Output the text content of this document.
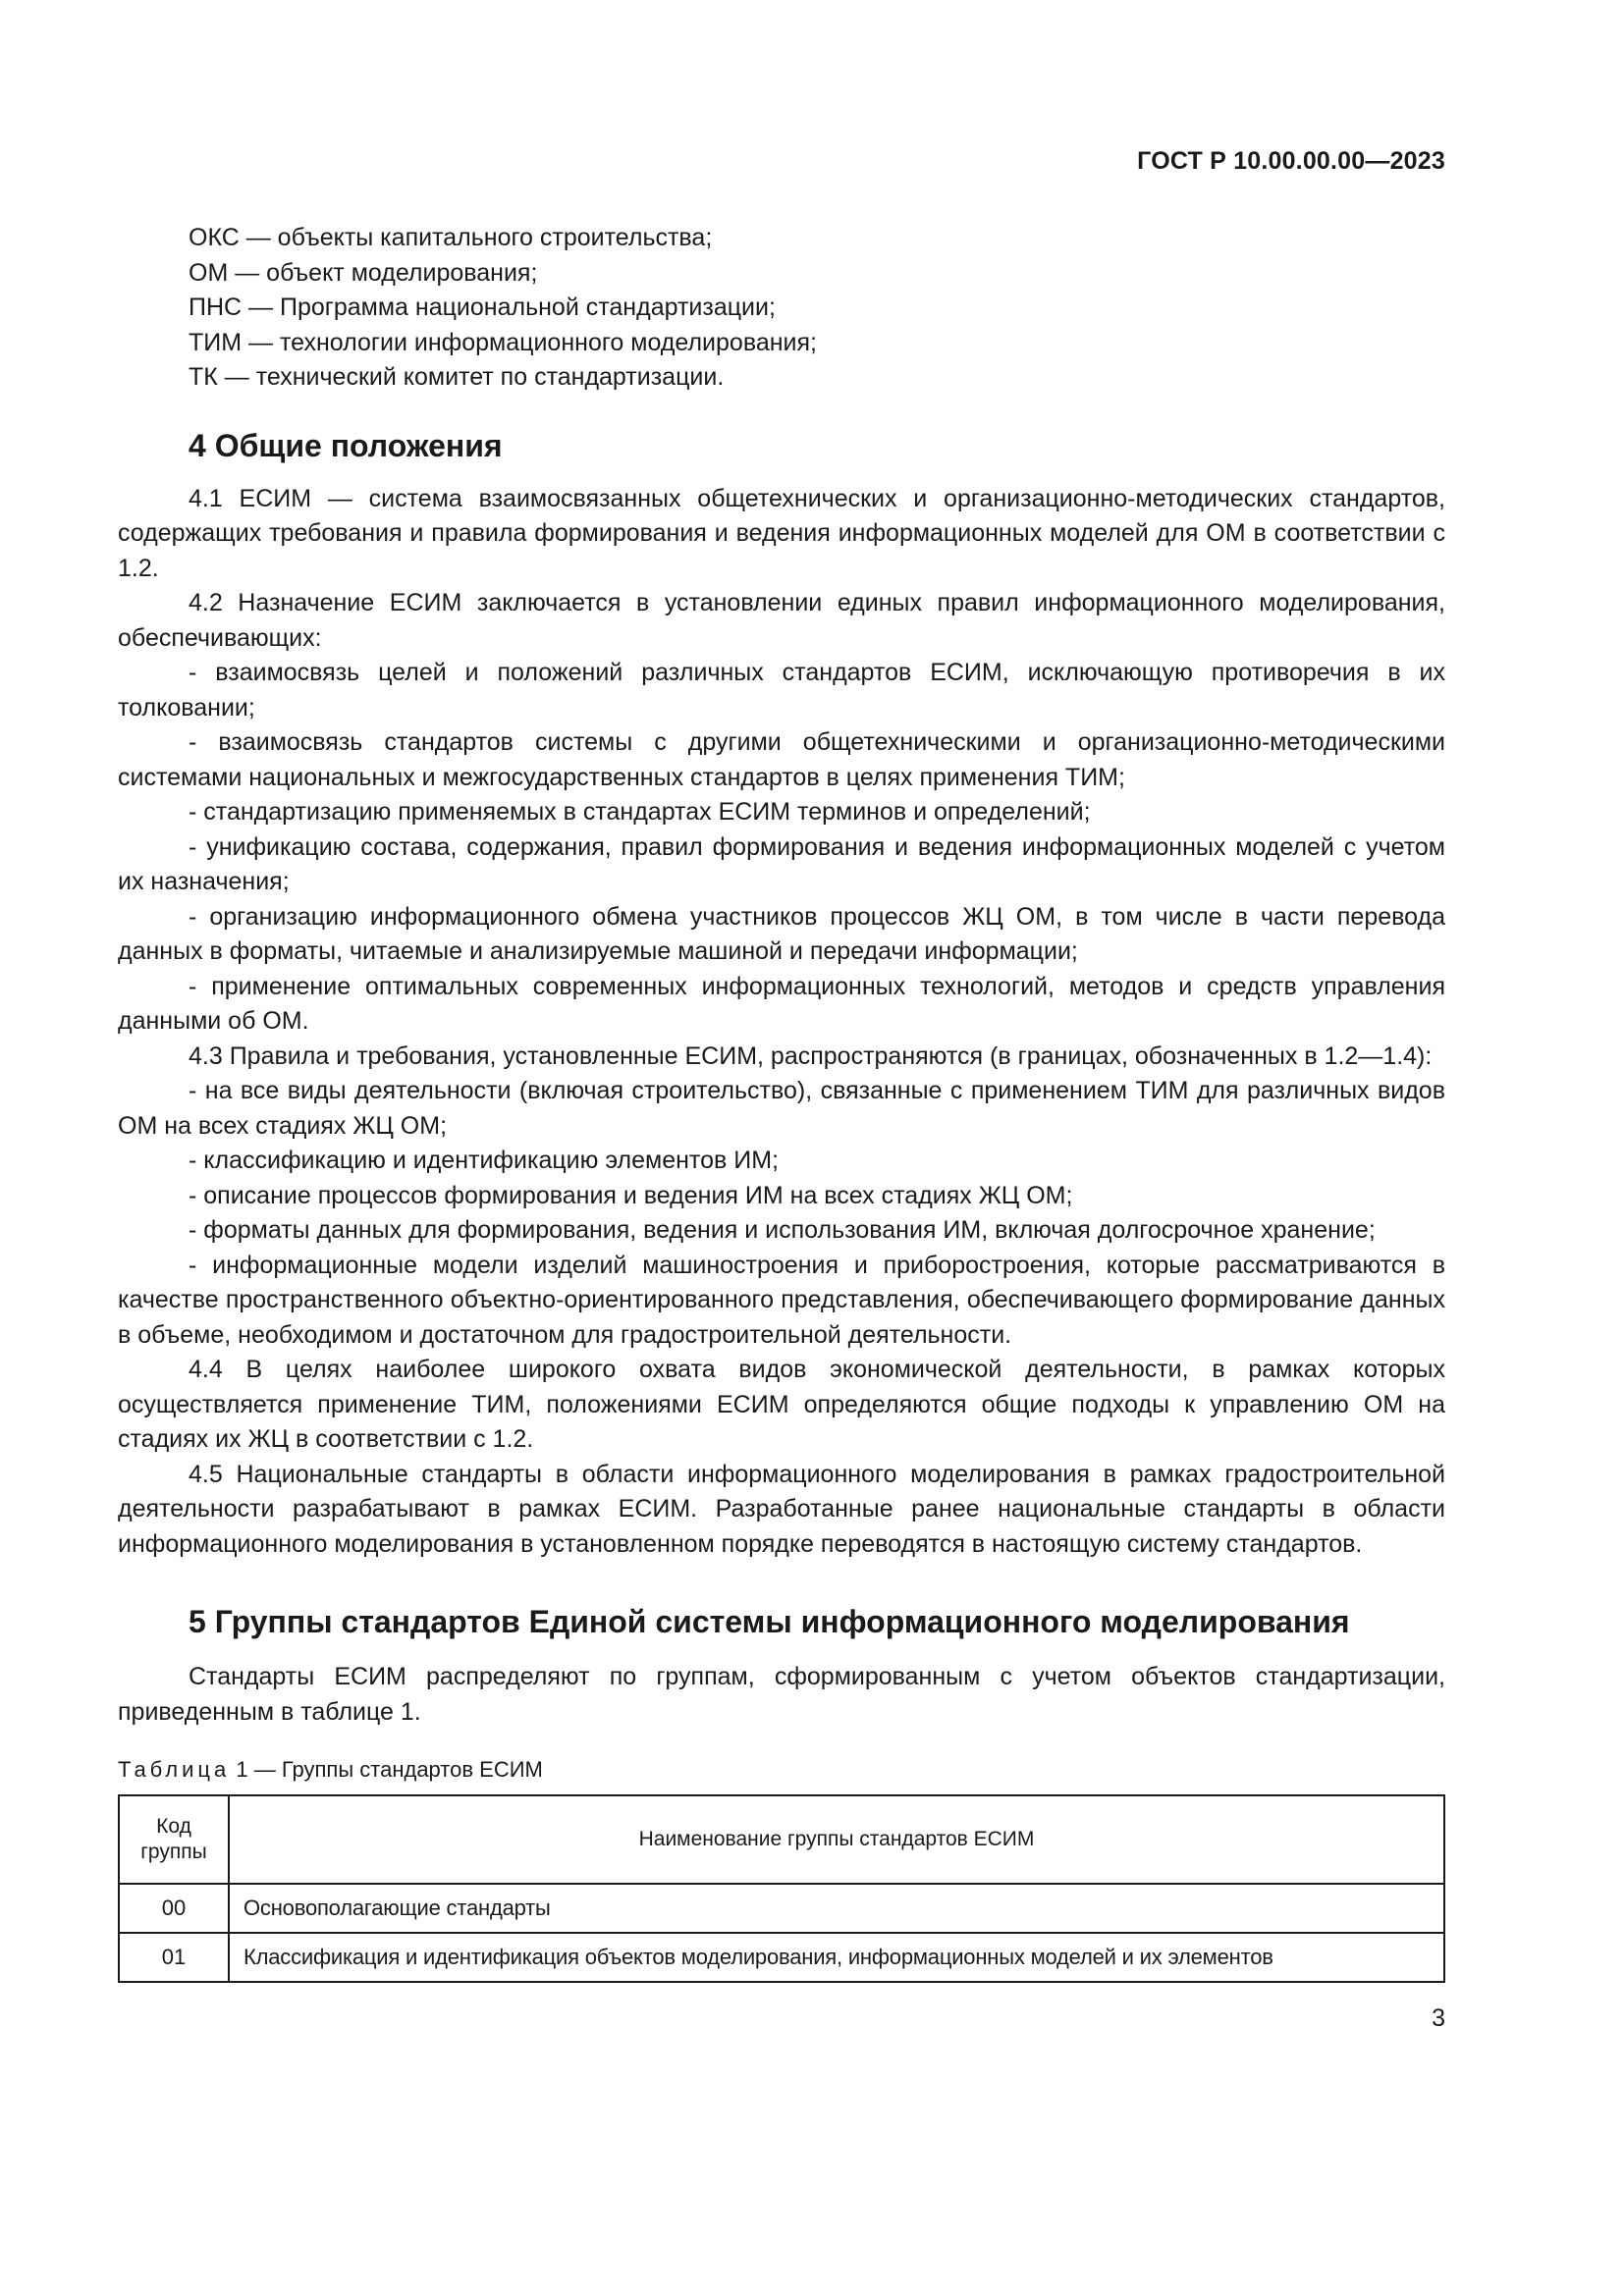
ГОСТ Р 10.00.00.00—2023
ОКС — объекты капитального строительства;
ОМ — объект моделирования;
ПНС — Программа национальной стандартизации;
ТИМ — технологии информационного моделирования;
ТК — технический комитет по стандартизации.
4 Общие положения

4.1 ЕСИМ — система взаимосвязанных общетехнических и организационно-методических стандартов, содержащих требования и правила формирования и ведения информационных моделей для ОМ в соответствии с 1.2.

4.2 Назначение ЕСИМ заключается в установлении единых правил информационного моделирования, обеспечивающих:

- взаимосвязь целей и положений различных стандартов ЕСИМ, исключающую противоречия в их толковании;

- взаимосвязь стандартов системы с другими общетехническими и организационно-методическими системами национальных и межгосударственных стандартов в целях применения ТИМ;

- стандартизацию применяемых в стандартах ЕСИМ терминов и определений;

- унификацию состава, содержания, правил формирования и ведения информационных моделей с учетом их назначения;

- организацию информационного обмена участников процессов ЖЦ ОМ, в том числе в части перевода данных в форматы, читаемые и анализируемые машиной и передачи информации;

- применение оптимальных современных информационных технологий, методов и средств управления данными об ОМ.

4.3 Правила и требования, установленные ЕСИМ, распространяются (в границах, обозначенных в 1.2—1.4):

- на все виды деятельности (включая строительство), связанные с применением ТИМ для различных видов ОМ на всех стадиях ЖЦ ОМ;

- классификацию и идентификацию элементов ИМ;

- описание процессов формирования и ведения ИМ на всех стадиях ЖЦ ОМ;

- форматы данных для формирования, ведения и использования ИМ, включая долгосрочное хранение;

- информационные модели изделий машиностроения и приборостроения, которые рассматриваются в качестве пространственного объектно-ориентированного представления, обеспечивающего формирование данных в объеме, необходимом и достаточном для градостроительной деятельности.

4.4 В целях наиболее широкого охвата видов экономической деятельности, в рамках которых осуществляется применение ТИМ, положениями ЕСИМ определяются общие подходы к управлению ОМ на стадиях их ЖЦ в соответствии с 1.2.

4.5 Национальные стандарты в области информационного моделирования в рамках градостроительной деятельности разрабатывают в рамках ЕСИМ. Разработанные ранее национальные стандарты в области информационного моделирования в установленном порядке переводятся в настоящую систему стандартов.

5 Группы стандартов Единой системы информационного моделирования

Стандарты ЕСИМ распределяют по группам, сформированным с учетом объектов стандартизации, приведенным в таблице 1.

Таблица 1 — Группы стандартов ЕСИМ
Код группы	Наименование группы стандартов ЕСИМ
00	Основополагающие стандарты
01	Классификация и идентификация объектов моделирования, информационных моделей и их элементов
3
